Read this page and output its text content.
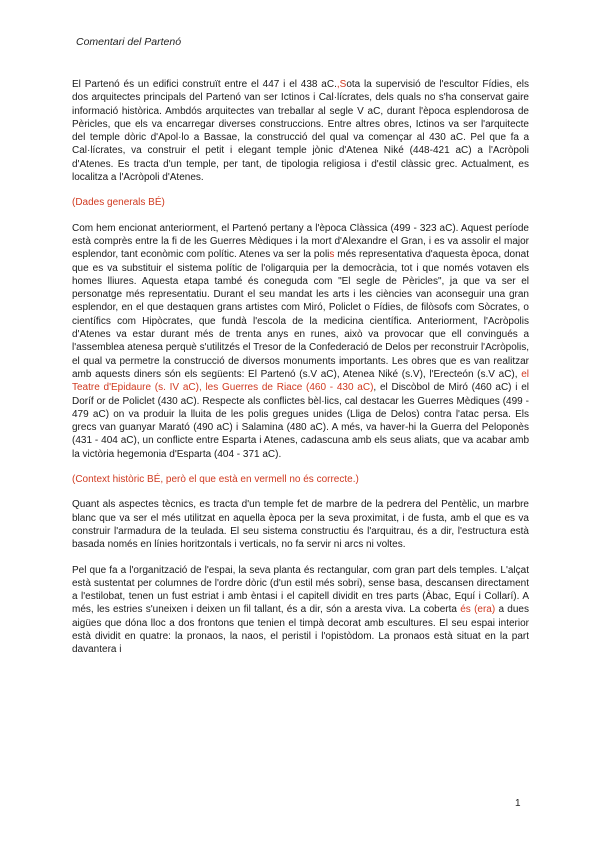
Comentari del Partenó

El Partenó és un edifici construït entre el 447 i el 438 aC.,Sota la supervisió de l'escultor Fídies, els dos arquitectes principals del Partenó van ser Ictinos i Cal·lícrates, dels quals no s'ha conservat gaire informació històrica. Ambdós arquitectes van treballar al segle V aC, durant l'època esplendorosa de Pèricles, que els va encarregar diverses construccions. Entre altres obres, Ictinos va ser l'arquitecte del temple dòric d'Apol·lo a Bassae, la construcció del qual va començar al 430 aC. Pel que fa a Cal·lícrates, va construir el petit i elegant temple jònic d'Atenea Niké (448-421 aC) a l'Acròpoli d'Atenes. Es tracta d'un temple, per tant, de tipologia religiosa i d'estil clàssic grec. Actualment, es localitza a l'Acròpoli d'Atenes.

(Dades generals BÉ)

Com hem encionat anteriorment, el Partenó pertany a l'època Clàssica (499 - 323 aC). Aquest període està comprès entre la fi de les Guerres Mèdiques i la mort d'Alexandre el Gran, i es va assolir el major esplendor, tant econòmic com polític. Atenes va ser la polis més representativa d'aquesta època, donat que es va substituir el sistema polític de l'oligarquia per la democràcia, tot i que només votaven els homes lliures. Aquesta etapa també és coneguda com "El segle de Pèricles", ja que va ser el personatge més representatiu. Durant el seu mandat les arts i les ciències van aconseguir una gran esplendor, en el que destaquen grans artistes com Miró, Policlet o Fídies, de filòsofs com Sòcrates, o científics com Hipòcrates, que fundà l'escola de la medicina científica. Anteriorment, l'Acròpolis d'Atenes va estar durant més de trenta anys en runes, això va provocar que ell convingués a l'assemblea atenesa perquè s'utilitzés el Tresor de la Confederació de Delos per reconstruir l'Acròpolis, el qual va permetre la construcció de diversos monuments importants. Les obres que es van realitzar amb aquests diners són els següents: El Partenó (s.V aC), Atenea Niké (s.V), l'Erecteón (s.V aC), el Teatre d'Epidaure (s. IV aC), les Guerres de Riace (460 - 430 aC), el Discòbol de Miró (460 aC) i el Doríf or de Policlet (430 aC). Respecte als conflictes bèl·lics, cal destacar les Guerres Mèdiques (499 - 479 aC) on va produir la lluita de les polis gregues unides (Lliga de Delos) contra l'atac persa. Els grecs van guanyar Marató (490 aC) i Salamina (480 aC). A més, va haver-hi la Guerra del Peloponès (431 - 404 aC), un conflicte entre Esparta i Atenes, cadascuna amb els seus aliats, que va acabar amb la victòria hegemonia d'Esparta (404 - 371 aC).

(Context històric BÉ, però el que està en vermell no és correcte.)

Quant als aspectes tècnics, es tracta d'un temple fet de marbre de la pedrera del Pentèlic, un marbre blanc que va ser el més utilitzat en aquella època per la seva proximitat, i de fusta, amb el que es va construir l'armadura de la teulada. El seu sistema constructiu és l'arquitrau, és a dir, l'estructura està basada només en línies horitzontals i verticals, no fa servir ni arcs ni voltes.

Pel que fa a l'organització de l'espai, la seva planta és rectangular, com gran part dels temples. L'alçat està sustentat per columnes de l'ordre dòric (d'un estil més sobri), sense basa, descansen directament a l'estilobat, tenen un fust estriat i amb èntasi i el capitell dividit en tres parts (Àbac, Equí i Collarí). A més, les estries s'uneixen i deixen un fil tallant, és a dir, són a aresta viva. La coberta és (era) a dues aigües que dóna lloc a dos frontons que tenien el timpà decorat amb escultures. El seu espai interior està dividit en quatre: la pronaos, la naos, el peristil i l'opistòdom. La pronaos està situat en la part davantera i

1
